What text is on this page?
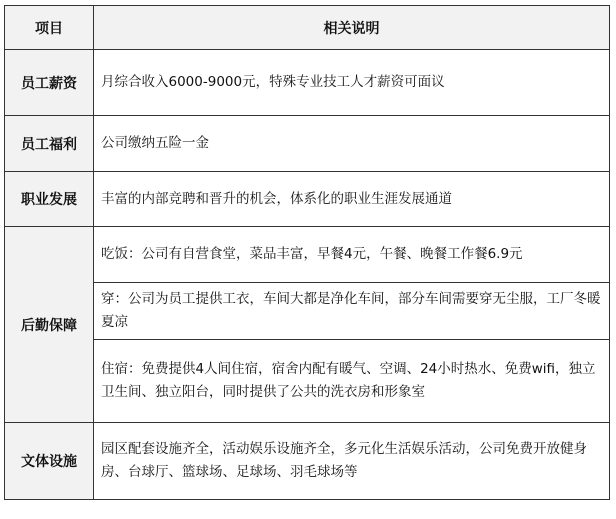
项目	相关说明
员工薪资	月综合收入6000-9000元，特殊专业技工人才薪资可面议
员工福利	公司缴纳五险一金
职业发展	丰富的内部竞聘和晋升的机会，体系化的职业生涯发展通道
后勤保障	吃饭：公司有自营食堂，菜品丰富，早餐4元，午餐、晚餐工作餐6.9元
	穿：公司为员工提供工衣，车间大都是净化车间，部分车间需要穿无尘服，工厂冬暖夏凉
	住宿：免费提供4人间住宿，宿舍内配有暖气、空调、24小时热水、免费wifi，独立卫生间、独立阳台，同时提供了公共的洗衣房和形象室
文体设施	园区配套设施齐全，活动娱乐设施齐全，多元化生活娱乐活动，公司免费开放健身房、台球厅、篮球场、足球场、羽毛球场等
